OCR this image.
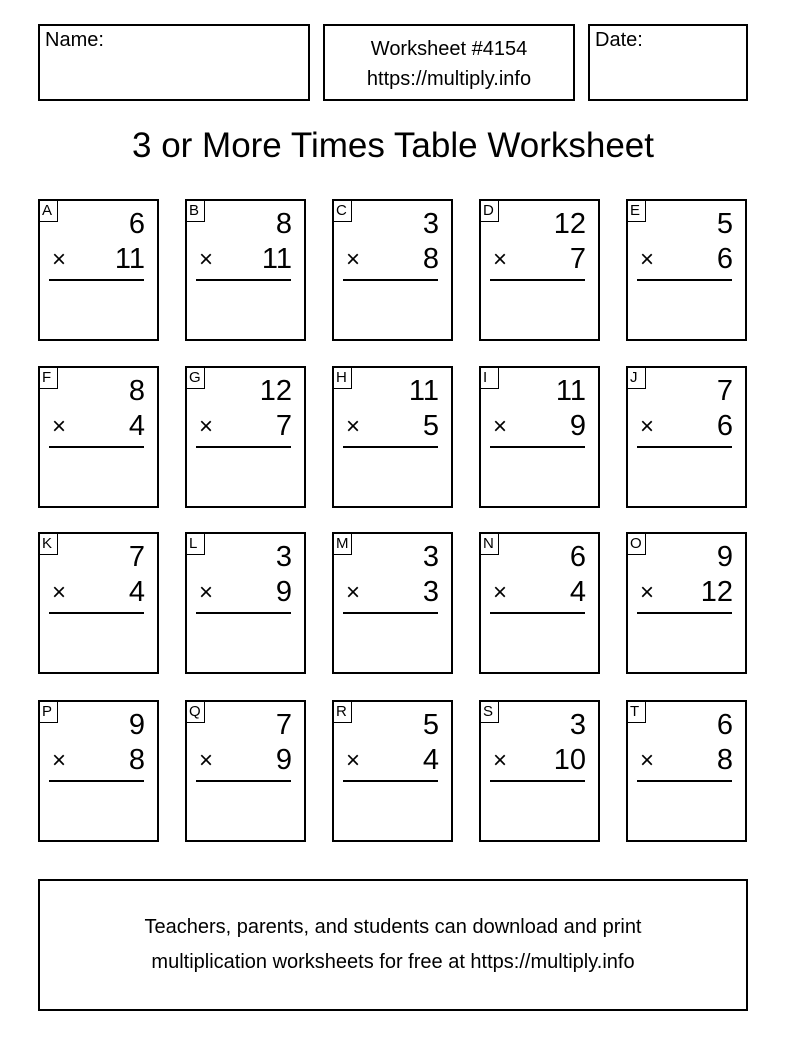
Name:	Worksheet #4154
https://multiply.info
Date:
3 or More Times Table Worksheet
A	6
× 11
B	8
× 11
C	3
× 8
D 12
× 7
E	5
× 6
F	8
× 4
G 12
× 7
H 11
× 5
I	11
× 9
J	7
× 6
K	7
× 4
L	3
× 9
M	3
× 3
N	6
× 4
O	9
× 12
P	9
× 8
Q	7
× 9
R	5
× 4
S	3
× 10
T	6
× 8
Teachers, parents, and students can download and print
multiplication worksheets for free at https://multiply.info
